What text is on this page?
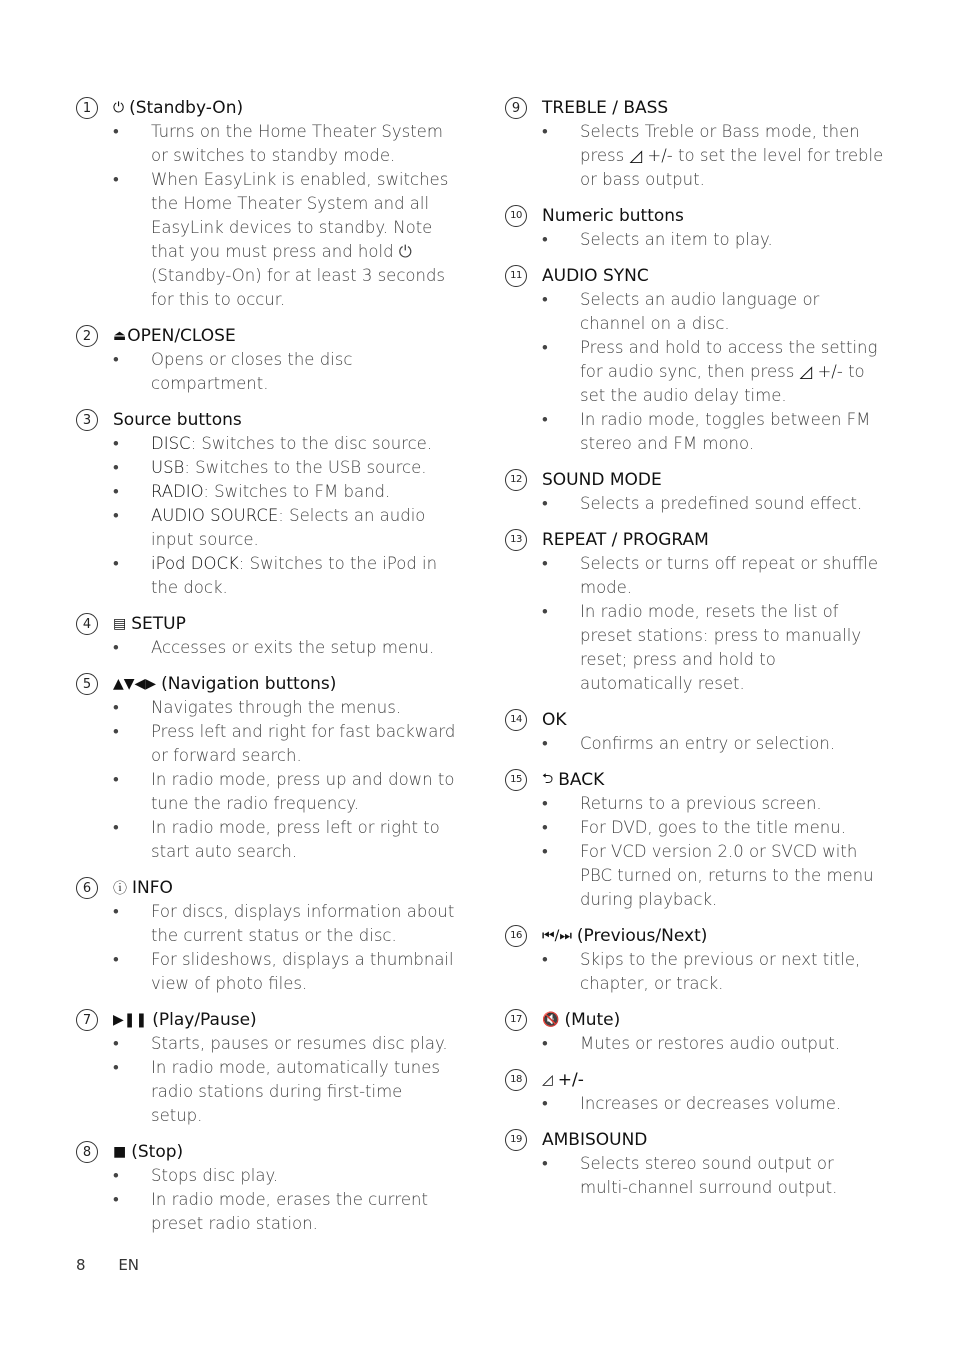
1	⏻ (Standby-On)
• Turns on the Home Theater System or switches to standby mode.
• When EasyLink is enabled, switches the Home Theater System and all EasyLink devices to standby. Note that you must press and hold ⏻ (Standby-On) for at least 3 seconds for this to occur.
2	⏏ OPEN/CLOSE
• Opens or closes the disc compartment.
3	Source buttons
• DISC: Switches to the disc source.
• USB: Switches to the USB source.
• RADIO: Switches to FM band.
• AUDIO SOURCE: Selects an audio input source.
• iPod DOCK: Switches to the iPod in the dock.
4	▤ SETUP
• Accesses or exits the setup menu.
5	▲▼◀▶ (Navigation buttons)
• Navigates through the menus.
• Press left and right for fast backward or forward search.
• In radio mode, press up and down to tune the radio frequency.
• In radio mode, press left or right to start auto search.
6	ⓘ INFO
• For discs, displays information about the current status or the disc.
• For slideshows, displays a thumbnail view of photo files.
7	▶❚❚ (Play/Pause)
• Starts, pauses or resumes disc play.
• In radio mode, automatically tunes radio stations during first-time setup.
8	■ (Stop)
• Stops disc play.
• In radio mode, erases the current preset radio station.
9	TREBLE / BASS
• Selects Treble or Bass mode, then press ◿ +/- to set the level for treble or bass output.
10	Numeric buttons
• Selects an item to play.
11	AUDIO SYNC
• Selects an audio language or channel on a disc.
• Press and hold to access the setting for audio sync, then press ◿ +/- to set the audio delay time.
• In radio mode, toggles between FM stereo and FM mono.
12	SOUND MODE
• Selects a predefined sound effect.
13	REPEAT / PROGRAM
• Selects or turns off repeat or shuffle mode.
• In radio mode, resets the list of preset stations: press to manually reset; press and hold to automatically reset.
14	OK
• Confirms an entry or selection.
15	⮌ BACK
• Returns to a previous screen.
• For DVD, goes to the title menu.
• For VCD version 2.0 or SVCD with PBC turned on, returns to the menu during playback.
16	⏮/⏭ (Previous/Next)
• Skips to the previous or next title, chapter, or track.
17	🔇 (Mute)
• Mutes or restores audio output.
18	◿ +/-
• Increases or decreases volume.
19	AMBISOUND
• Selects stereo sound output or multi-channel surround output.
8 EN
